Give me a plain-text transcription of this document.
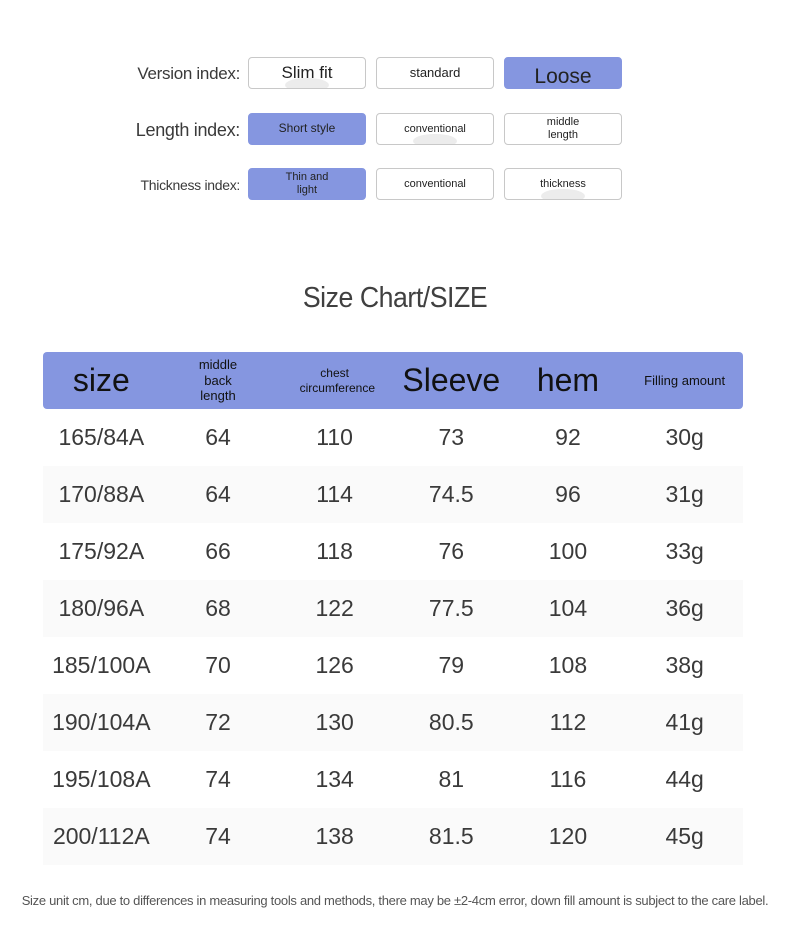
Version index: Slim fit	standard	Loose
Length index:	Short style	conventional
middle length
Thickness index:	Thin and light
conventional	thickness
Size Chart/SIZE
size	middle back length	chest circumference	Sleeve	hem	Filling amount
165/84A	64	110	73	92	30g
170/88A	64	114	74.5	96	31g
175/92A	66	118	76	100	33g
180/96A	68	122	77.5	104	36g
185/100A	70	126	79	108	38g
190/104A	72	130	80.5	112	41g
195/108A	74	134	81	116	44g
200/112A	74	138	81.5	120	45g
Size unit cm, due to differences in measuring tools and methods, there may be ±2-4cm error, down fill amount is subject to the care label.
